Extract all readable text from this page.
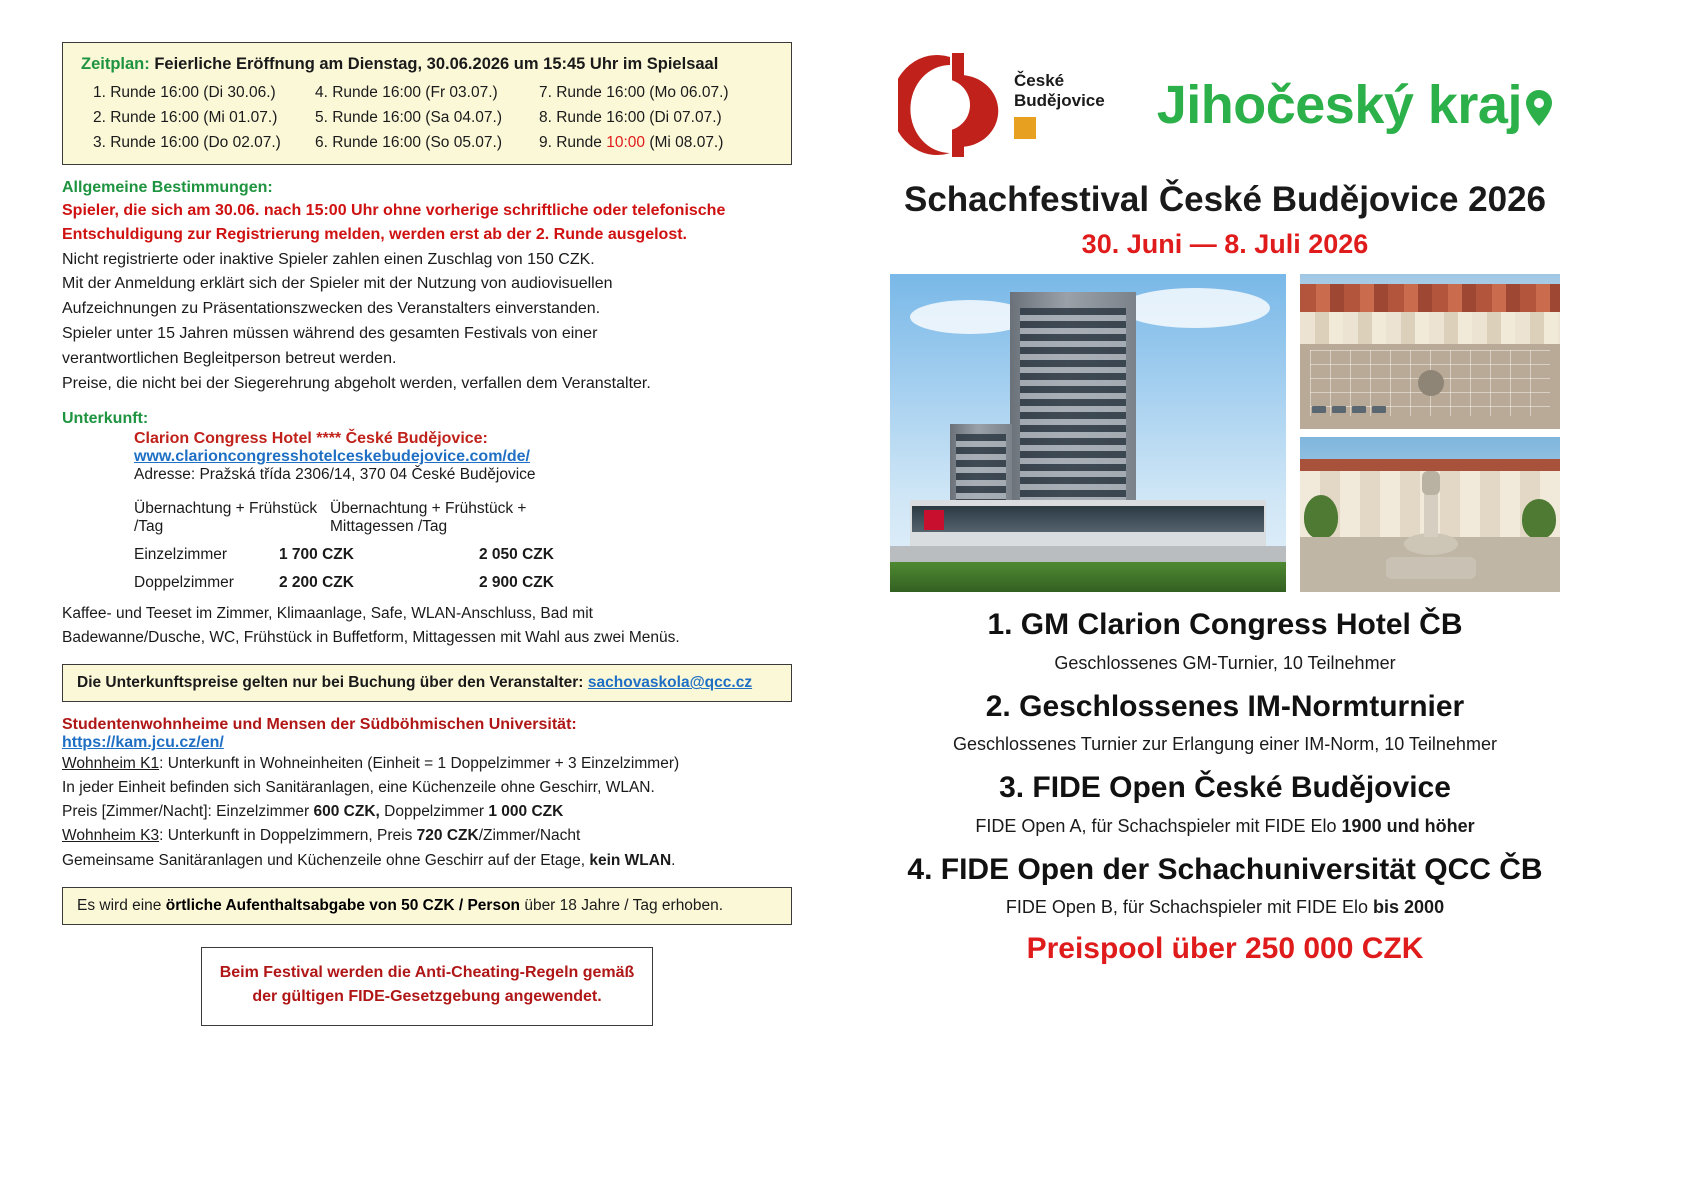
Zeitplan: Feierliche Eröffnung am Dienstag, 30.06.2026 um 15:45 Uhr im Spielsaal
1. Runde 16:00 (Di 30.06.)	4. Runde 16:00 (Fr 03.07.)	7. Runde 16:00 (Mo 06.07.)
2. Runde 16:00 (Mi 01.07.)	5. Runde 16:00 (Sa 04.07.)	8. Runde 16:00 (Di 07.07.)
3. Runde 16:00 (Do 02.07.)	6. Runde 16:00 (So 05.07.)	9. Runde 10:00 (Mi 08.07.)
Allgemeine Bestimmungen:
Spieler, die sich am 30.06. nach 15:00 Uhr ohne vorherige schriftliche oder telefonische
Entschuldigung zur Registrierung melden, werden erst ab der 2. Runde ausgelost.
Nicht registrierte oder inaktive Spieler zahlen einen Zuschlag von 150 CZK.
Mit der Anmeldung erklärt sich der Spieler mit der Nutzung von audiovisuellen
Aufzeichnungen zu Präsentationszwecken des Veranstalters einverstanden.
Spieler unter 15 Jahren müssen während des gesamten Festivals von einer
verantwortlichen Begleitperson betreut werden.
Preise, die nicht bei der Siegerehrung abgeholt werden, verfallen dem Veranstalter.
Unterkunft:
Clarion Congress Hotel **** České Budějovice:
www.clarioncongresshotelceskebudejovice.com/de/
Adresse: Pražská třída 2306/14, 370 04 České Budějovice
Übernachtung + Frühstück /Tag
Übernachtung + Frühstück + Mittagessen /Tag
Einzelzimmer	1 700 CZK	2 050 CZK
Doppelzimmer	2 200 CZK	2 900 CZK
Kaffee- und Teeset im Zimmer, Klimaanlage, Safe, WLAN-Anschluss, Bad mit
Badewanne/Dusche, WC, Frühstück in Buffetform, Mittagessen mit Wahl aus zwei Menüs.
Die Unterkunftspreise gelten nur bei Buchung über den Veranstalter: sachovaskola@qcc.cz
Studentenwohnheime und Mensen der Südböhmischen Universität:
https://kam.jcu.cz/en/
Wohnheim K1: Unterkunft in Wohneinheiten (Einheit = 1 Doppelzimmer + 3 Einzelzimmer)
In jeder Einheit befinden sich Sanitäranlagen, eine Küchenzeile ohne Geschirr, WLAN.
Preis [Zimmer/Nacht]: Einzelzimmer 600 CZK, Doppelzimmer 1 000 CZK
Wohnheim K3: Unterkunft in Doppelzimmern, Preis 720 CZK/Zimmer/Nacht
Gemeinsame Sanitäranlagen und Küchenzeile ohne Geschirr auf der Etage, kein WLAN.
Es wird eine örtliche Aufenthaltsabgabe von 50 CZK / Person über 18 Jahre / Tag erhoben.
Beim Festival werden die Anti-Cheating-Regeln gemäß
der gültigen FIDE-Gesetzgebung angewendet.
České
Budějovice Jihočeský kraj
Schachfestival České Budějovice 2026
30. Juni — 8. Juli 2026
1. GM Clarion Congress Hotel ČB
Geschlossenes GM-Turnier, 10 Teilnehmer
2. Geschlossenes IM-Normturnier
Geschlossenes Turnier zur Erlangung einer IM-Norm, 10 Teilnehmer
3. FIDE Open České Budějovice
FIDE Open A, für Schachspieler mit FIDE Elo 1900 und höher
4. FIDE Open der Schachuniversität QCC ČB
FIDE Open B, für Schachspieler mit FIDE Elo bis 2000
Preispool über 250 000 CZK
